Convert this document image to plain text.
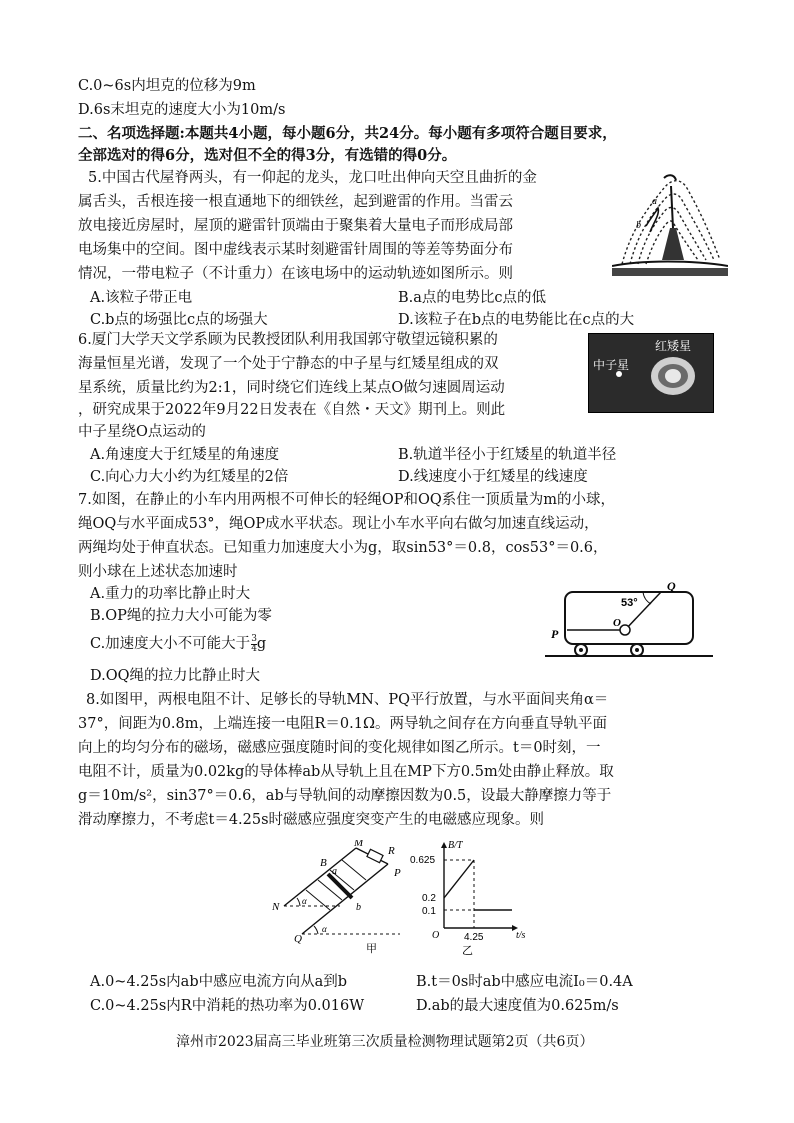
C.0~6s内坦克的位移为9m
D.6s末坦克的速度大小为10m/s
二、名项选择题:本题共4小题，每小题6分，共24分。每小题有多项符合题目要求，
全部选对的得6分，选对但不全的得3分，有选错的得0分。
5.中国古代屋脊两头，有一仰起的龙头，龙口吐出伸向天空且曲折的金
属舌头，舌根连接一根直通地下的细铁丝，起到避雷的作用。当雷云
放电接近房屋时，屋顶的避雷针顶端由于聚集着大量电子而形成局部
电场集中的空间。图中虚线表示某时刻避雷针周围的等差等势面分布
情况，一带电粒子（不计重力）在该电场中的运动轨迹如图所示。则
A.该粒子带正电	B.a点的电势比c点的低
C.b点的场强比c点的场强大	D.该粒子在b点的电势能比在c点的大
b
a
6.厦门大学天文学系顾为民教授团队利用我国郭守敬望远镜积累的
海量恒星光谱，发现了一个处于宁静态的中子星与红矮星组成的双
星系统，质量比约为2:1，同时绕它们连线上某点O做匀速圆周运动
，研究成果于2022年9月22日发表在《自然・天文》期刊上。则此
中子星绕O点运动的
A.角速度大于红矮星的角速度	B.轨道半径小于红矮星的轨道半径
C.向心力大小约为红矮星的2倍	D.线速度小于红矮星的线速度
中子星
红矮星
7.如图，在静止的小车内用两根不可伸长的轻绳OP和OQ系住一顶质量为m的小球，
绳OQ与水平面成53°，绳OP成水平状态。现让小车水平向右做匀加速直线运动，
两绳均处于伸直状态。已知重力加速度大小为g，取sin53°＝0.8，cos53°＝0.6，
则小球在上述状态加速时
A.重力的功率比静止时大
B.OP绳的拉力大小可能为零
C.加速度大小不可能大于 $\frac{3}{4}$ g
D.OQ绳的拉力比静止时大
53°
Q
P
O
8.如图甲，两根电阻不计、足够长的导轨MN、PQ平行放置，与水平面间夹角α＝
37°，间距为0.8m，上端连接一电阻R＝0.1Ω。两导轨之间存在方向垂直导轨平面
向上的均匀分布的磁场，磁感应强度随时间的变化规律如图乙所示。t＝0时刻，一
电阻不计，质量为0.02kg的导体棒ab从导轨上且在MP下方0.5m处由静止释放。取
g＝10m/s²，sin37°＝0.6，ab与导轨间的动摩擦因数为0.5，设最大静摩擦力等于
滑动摩擦力，不考虑t＝4.25s时磁感应强度突变产生的电磁感应现象。则
B
M
R
P
N
Q
a
b
α
α
甲
B/T
t/s
0.625
0.2
0.1
O 4.25
乙
A.0~4.25s内ab中感应电流方向从a到b	B.t＝0s时ab中感应电流I₀＝0.4A
C.0~4.25s内R中消耗的热功率为0.016W	D.ab的最大速度值为0.625m/s
漳州市2023届高三毕业班第三次质量检测物理试题第2页（共6页）
